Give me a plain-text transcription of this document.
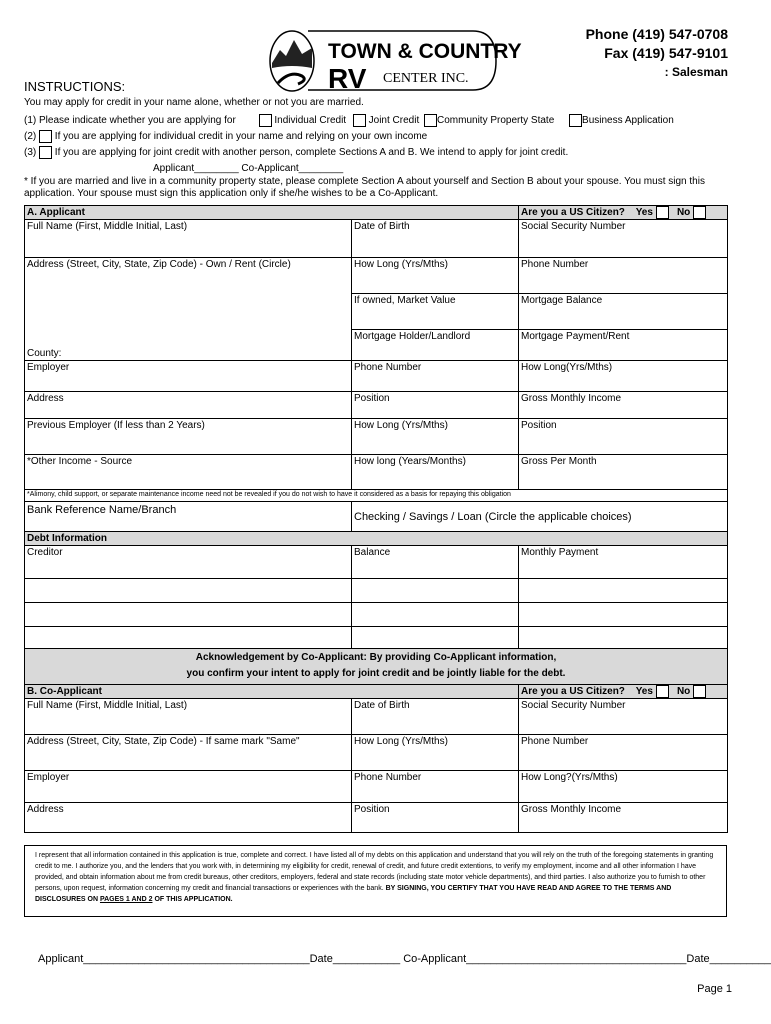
Phone (419) 547-0708
Fax (419) 547-9101
: Salesman
TOWN & COUNTRY
RV CENTER INC.
INSTRUCTIONS:
You may apply for credit in your name alone, whether or not you are married.
(1) Please indicate whether you are applying for	Individual Credit Joint Credit Community Property State	Business Application
(2) If you are applying for individual credit in your name and relying on your own income
(3) If you are applying for joint credit with another person, complete Sections A and B. We intend to apply for joint credit.
Applicant________ Co-Applicant________
* If you are married and live in a community property state, please complete Section A about yourself and Section B about your spouse. You must sign this application. Your spouse must sign this application only if she/he wishes to be a Co-Applicant.
A. Applicant		Are you a US Citizen? Yes No
Full Name (First, Middle Initial, Last)	Date of Birth	Social Security Number

Address (Street, City, State, Zip Code) - Own / Rent (Circle)
County:	How Long (Yrs/Mths)	Phone Number
	If owned, Market Value	Mortgage Balance
	Mortgage Holder/Landlord	Mortgage Payment/Rent
Employer	Phone Number	How Long(Yrs/Mths)
Address	Position	Gross Monthly Income
Previous Employer (If less than 2 Years)	How Long (Yrs/Mths)	Position
*Other Income - Source	How long (Years/Months)	Gross Per Month
*Alimony, child support, or separate maintenance income need not be revealed if you do not wish to have it considered as a basis for repaying this obligation		
Bank Reference Name/Branch	Checking / Savings / Loan (Circle the applicable choices)	
Debt Information		
Creditor	Balance	Monthly Payment

Acknowledgement by Co-Applicant: By providing Co-Applicant information,
you confirm your intent to apply for joint credit and be jointly liable for the debt.		

B. Co-Applicant		Are you a US Citizen? Yes No
Full Name (First, Middle Initial, Last)	Date of Birth	Social Security Number
Address (Street, City, State, Zip Code) - If same mark "Same"	How Long (Yrs/Mths)	Phone Number
Employer	Phone Number	How Long?(Yrs/Mths)
Address	Position	Gross Monthly Income
I represent that all information contained in this application is true, complete and correct. I have listed all of my debts on this application and understand that you will rely on the truth of the foregoing statements in granting credit to me. I authorize you, and the lenders that you work with, in determining my eligibility for credit, renewal of credit, and future credit extentions, to verify my employment, income and all other information I have provided, and obtain information about me from credit bureaus, other creditors, employers, federal and state records (including state motor vehicle departments), and third parties. I also authorize you to furnish to other persons, upon request, information concerning my credit and financial transactions or experiences with the bank. BY SIGNING, YOU CERTIFY THAT YOU HAVE READ AND AGREE TO THE TERMS AND DISCLOSURES ON PAGES 1 AND 2 OF THIS APPLICATION.
Applicant_____________________________________Date___________ Co-Applicant____________________________________Date__________
Page 1
